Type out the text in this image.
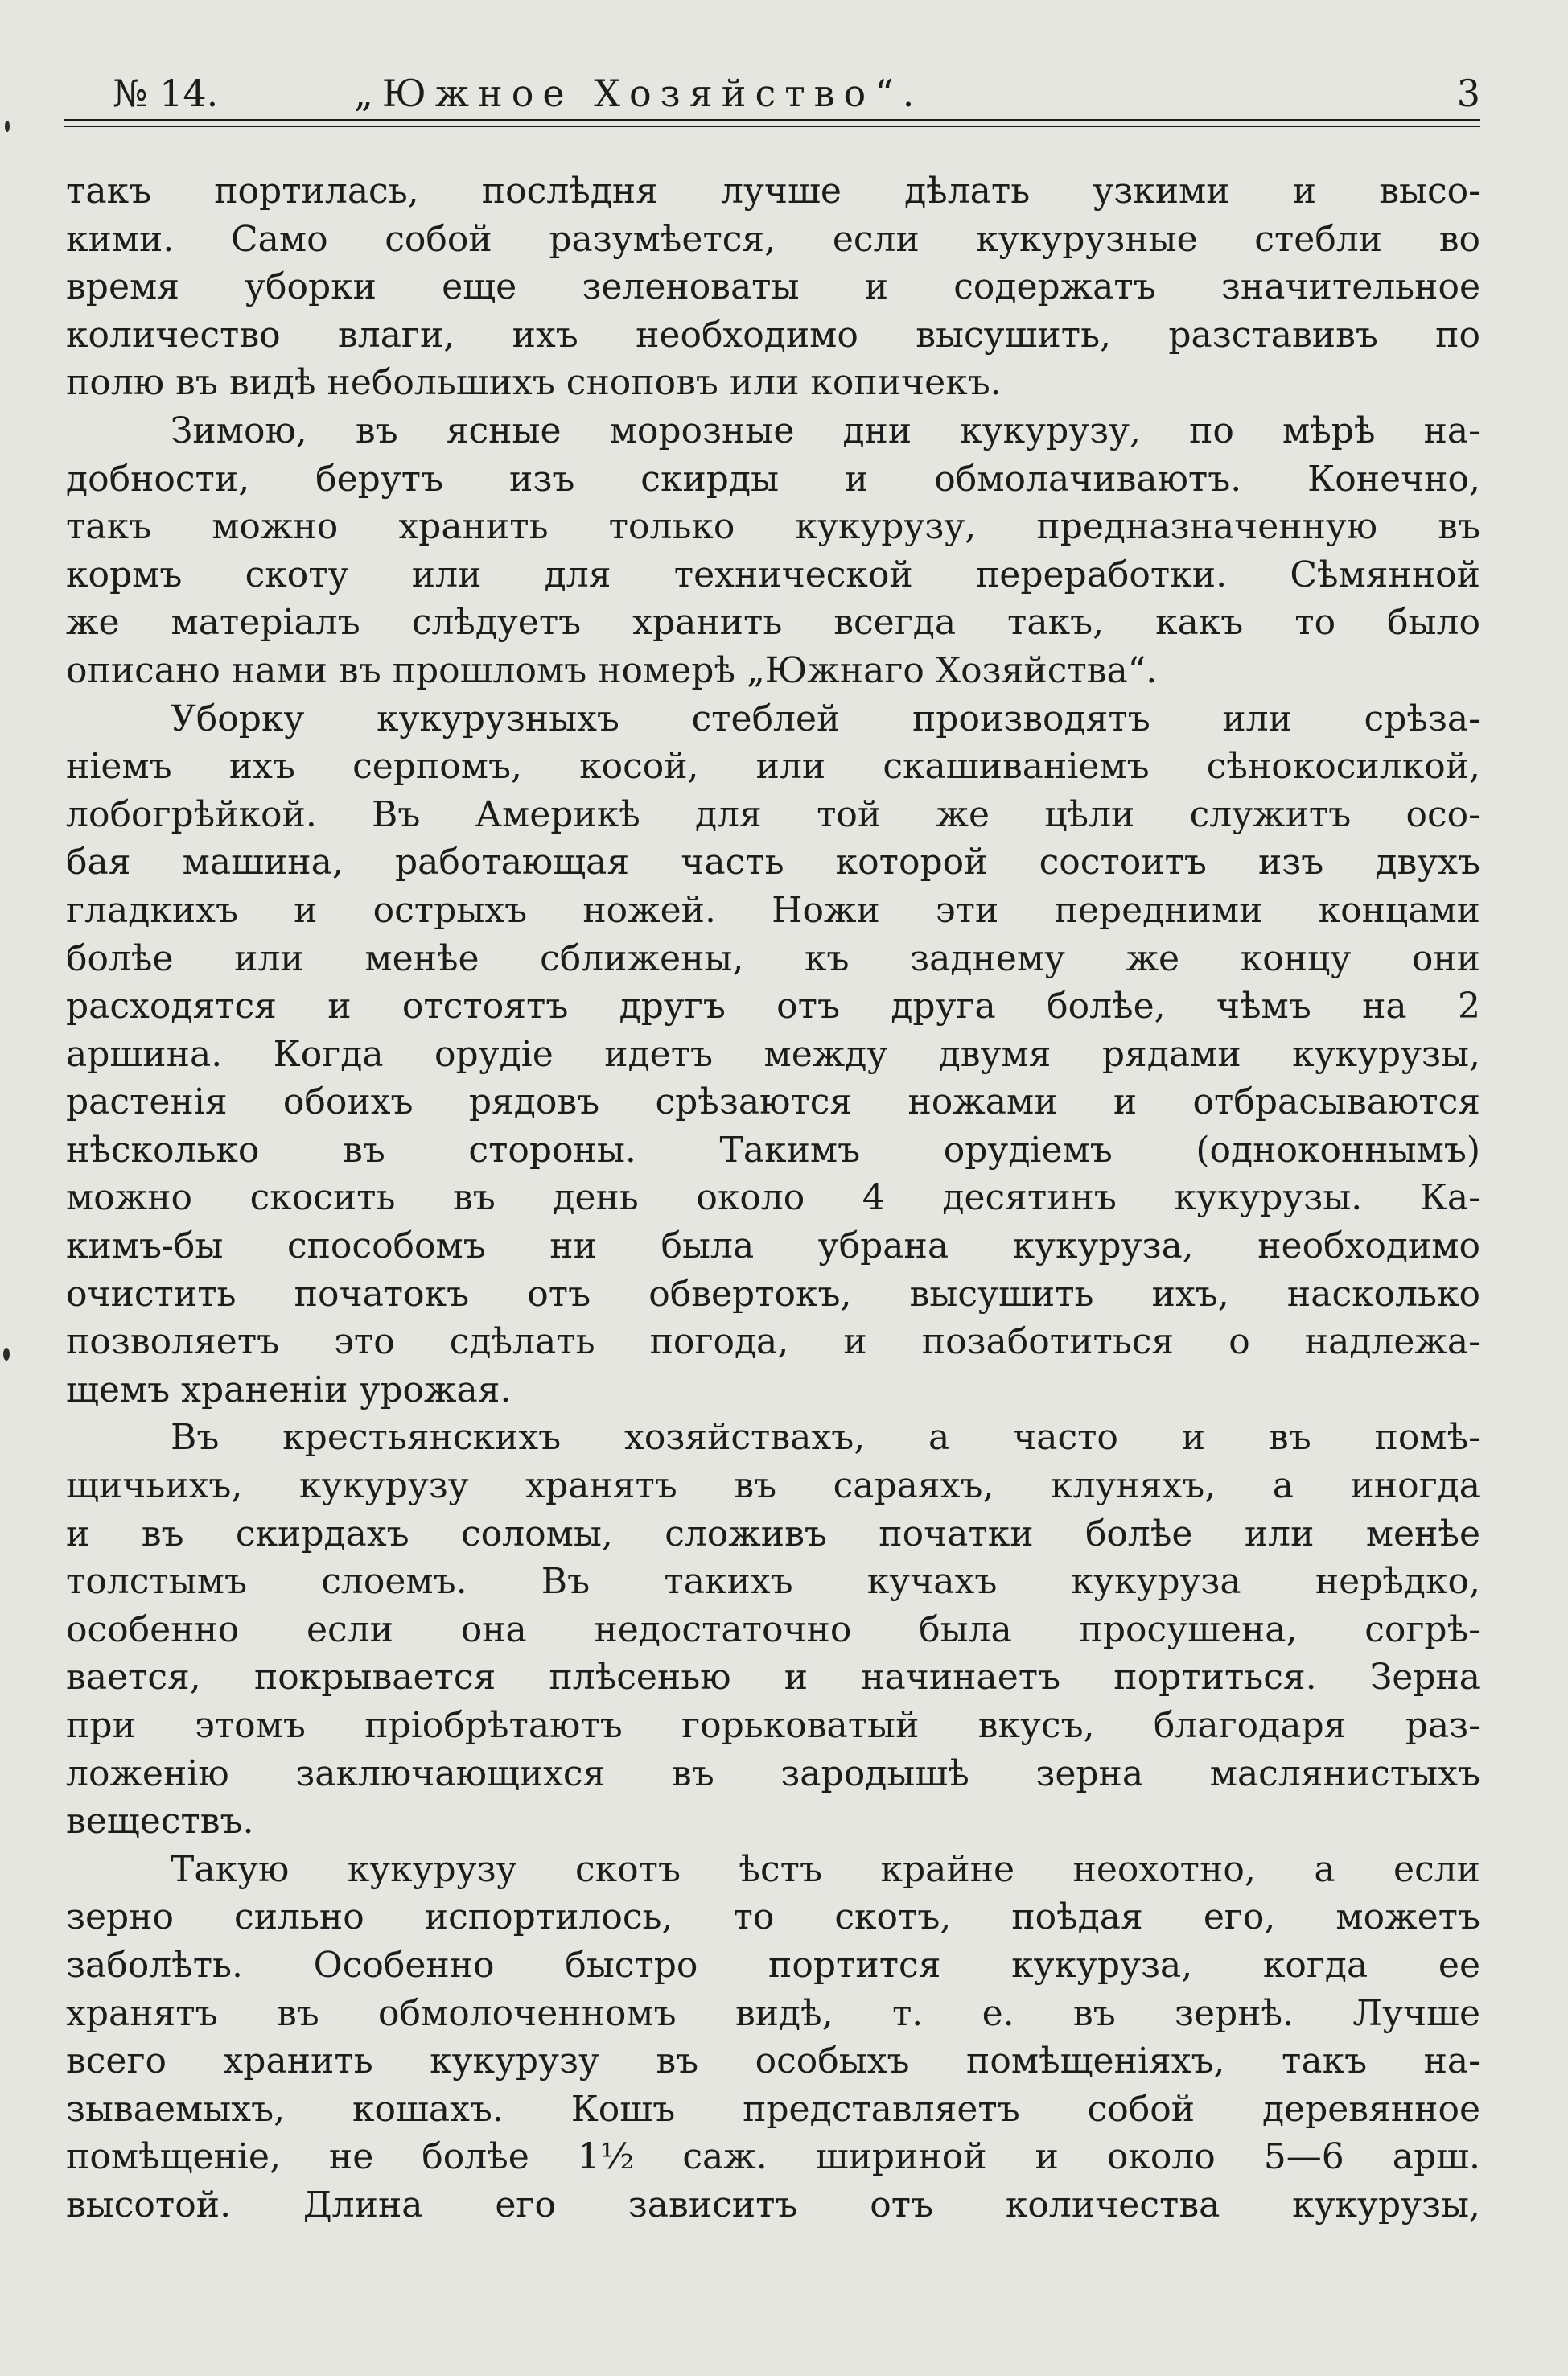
№ 14.	„Южное Хозяйство“.	3
такъ портилась, послѣдня лучше дѣлать узкими и высо-
кими. Само собой разумѣется, если кукурузные стебли во
время уборки еще зеленоваты и содержатъ значительное
количество влаги, ихъ необходимо высушить, разставивъ по
полю въ видѣ небольшихъ сноповъ или копичекъ.
Зимою, въ ясные морозные дни кукурузу, по мѣрѣ на-
добности, берутъ изъ скирды и обмолачиваютъ. Конечно,
такъ можно хранить только кукурузу, предназначенную въ
кормъ скоту или для технической переработки. Сѣмянной
же матеріалъ слѣдуетъ хранить всегда такъ, какъ то было
описано нами въ прошломъ номерѣ „Южнаго Хозяйства“.
Уборку кукурузныхъ стеблей производятъ или срѣза-
ніемъ ихъ серпомъ, косой, или скашиваніемъ сѣнокосилкой,
лобогрѣйкой. Въ Америкѣ для той же цѣли служитъ осо-
бая машина, работающая часть которой состоитъ изъ двухъ
гладкихъ и острыхъ ножей. Ножи эти передними концами
болѣе или менѣе сближены, къ заднему же концу они
расходятся и отстоятъ другъ отъ друга болѣе, чѣмъ на 2
аршина. Когда орудіе идетъ между двумя рядами кукурузы,
растенія обоихъ рядовъ срѣзаются ножами и отбрасываются
нѣсколько въ стороны. Такимъ орудіемъ (одноконнымъ)
можно скосить въ день около 4 десятинъ кукурузы. Ка-
кимъ-бы способомъ ни была убрана кукуруза, необходимо
очистить початокъ отъ обвертокъ, высушить ихъ, насколько
позволяетъ это сдѣлать погода, и позаботиться о надлежа-
щемъ храненіи урожая.
Въ крестьянскихъ хозяйствахъ, а часто и въ помѣ-
щичьихъ, кукурузу хранятъ въ сараяхъ, клуняхъ, а иногда
и въ скирдахъ соломы, сложивъ початки болѣе или менѣе
толстымъ слоемъ. Въ такихъ кучахъ кукуруза нерѣдко,
особенно если она недостаточно была просушена, согрѣ-
вается, покрывается плѣсенью и начинаетъ портиться. Зерна
при этомъ пріобрѣтаютъ горьковатый вкусъ, благодаря раз-
ложенію заключающихся въ зародышѣ зерна маслянистыхъ
веществъ.
Такую кукурузу скотъ ѣстъ крайне неохотно, а если
зерно сильно испортилось, то скотъ, поѣдая его, можетъ
заболѣть. Особенно быстро портится кукуруза, когда ее
хранятъ въ обмолоченномъ видѣ, т. е. въ зернѣ. Лучше
всего хранить кукурузу въ особыхъ помѣщеніяхъ, такъ на-
зываемыхъ, кошахъ. Кошъ представляетъ собой деревянное
помѣщеніе, не болѣе 1½ саж. шириной и около 5—6 арш.
высотой. Длина его зависитъ отъ количества кукурузы,
